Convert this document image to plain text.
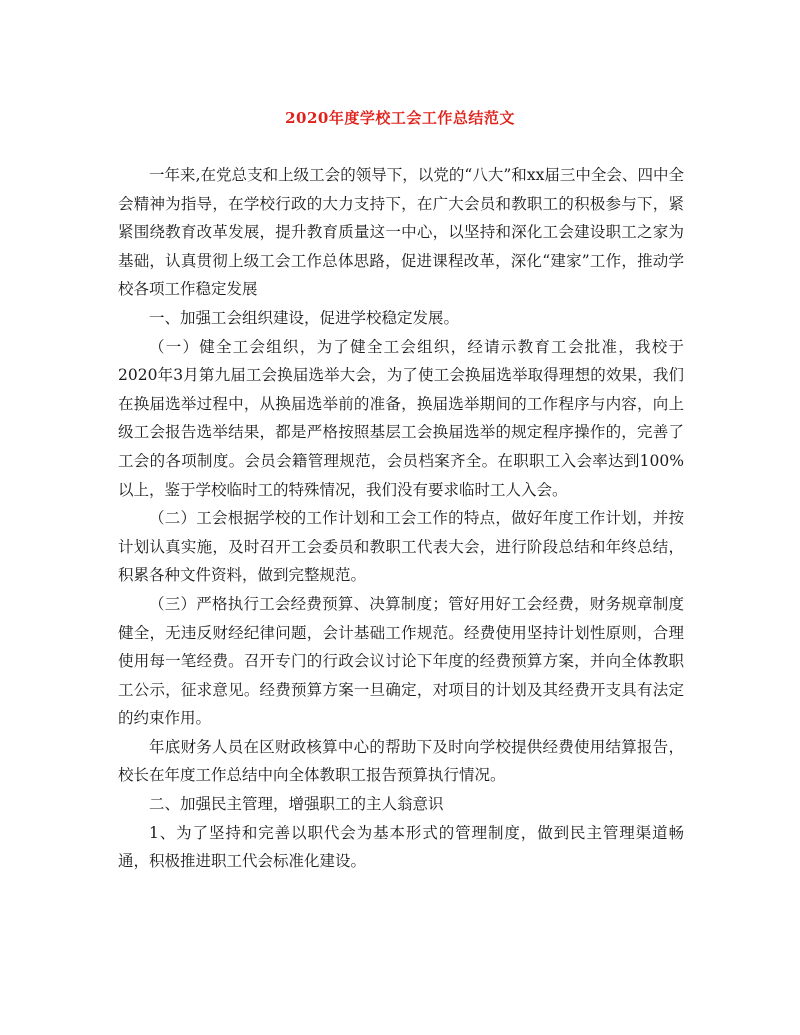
2020年度学校工会工作总结范文

一年来,在党总支和上级工会的领导下，以党的“八大”和xx届三中全会、四中全会精神为指导，在学校行政的大力支持下，在广大会员和教职工的积极参与下，紧紧围绕教育改革发展，提升教育质量这一中心，以坚持和深化工会建设职工之家为基础，认真贯彻上级工会工作总体思路，促进课程改革，深化“建家”工作，推动学校各项工作稳定发展

一、加强工会组织建设，促进学校稳定发展。

（一）健全工会组织，为了健全工会组织，经请示教育工会批准，我校于2020年3月第九届工会换届选举大会，为了使工会换届选举取得理想的效果，我们在换届选举过程中，从换届选举前的准备，换届选举期间的工作程序与内容，向上级工会报告选举结果，都是严格按照基层工会换届选举的规定程序操作的，完善了工会的各项制度。会员会籍管理规范，会员档案齐全。在职职工入会率达到100%以上，鉴于学校临时工的特殊情况，我们没有要求临时工人入会。

（二）工会根据学校的工作计划和工会工作的特点，做好年度工作计划，并按计划认真实施，及时召开工会委员和教职工代表大会，进行阶段总结和年终总结，积累各种文件资料，做到完整规范。

（三）严格执行工会经费预算、决算制度；管好用好工会经费，财务规章制度健全，无违反财经纪律问题，会计基础工作规范。经费使用坚持计划性原则，合理使用每一笔经费。召开专门的行政会议讨论下年度的经费预算方案，并向全体教职工公示，征求意见。经费预算方案一旦确定，对项目的计划及其经费开支具有法定的约束作用。

年底财务人员在区财政核算中心的帮助下及时向学校提供经费使用结算报告，校长在年度工作总结中向全体教职工报告预算执行情况。

二、加强民主管理，增强职工的主人翁意识

1、为了坚持和完善以职代会为基本形式的管理制度，做到民主管理渠道畅通，积极推进职工代会标准化建设。
